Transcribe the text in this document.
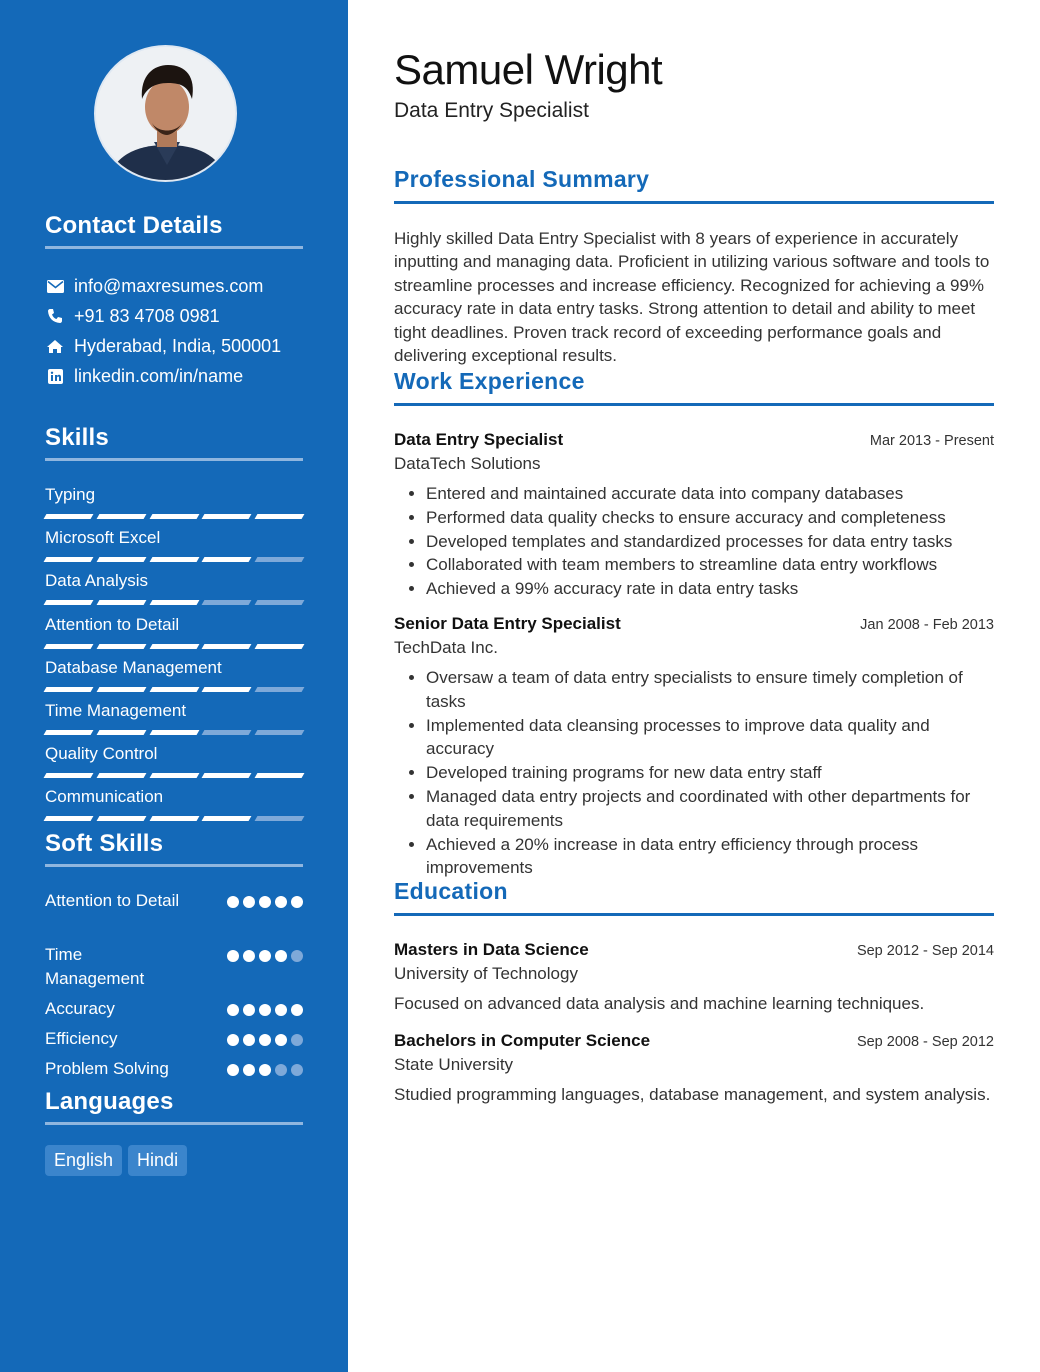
Contact Details
info@maxresumes.com
+91 83 4708 0981
Hyderabad, India, 500001
linkedin.com/in/name
Skills
Typing
Microsoft Excel
Data Analysis
Attention to Detail
Database Management
Time Management
Quality Control
Communication
Soft Skills
Attention to Detail
Time Management
Accuracy
Efficiency
Problem Solving
Languages
English	Hindi
Samuel Wright
Data Entry Specialist
Professional Summary

Highly skilled Data Entry Specialist with 8 years of experience in accurately inputting and managing data. Proficient in utilizing various software and tools to streamline processes and increase efficiency. Recognized for achieving a 99% accuracy rate in data entry tasks. Strong attention to detail and ability to meet tight deadlines. Proven track record of exceeding performance goals and delivering exceptional results.

Work Experience
Data Entry Specialist	Mar 2013 - Present
DataTech Solutions
• Entered and maintained accurate data into company databases
• Performed data quality checks to ensure accuracy and completeness
• Developed templates and standardized processes for data entry tasks
• Collaborated with team members to streamline data entry workflows
• Achieved a 99% accuracy rate in data entry tasks
Senior Data Entry Specialist	Jan 2008 - Feb 2013
TechData Inc.
• Oversaw a team of data entry specialists to ensure timely completion of tasks
• Implemented data cleansing processes to improve data quality and accuracy
• Developed training programs for new data entry staff
• Managed data entry projects and coordinated with other departments for data requirements
• Achieved a 20% increase in data entry efficiency through process improvements
Education
Masters in Data Science	Sep 2012 - Sep 2014
University of Technology
Focused on advanced data analysis and machine learning techniques.
Bachelors in Computer Science	Sep 2008 - Sep 2012
State University
Studied programming languages, database management, and system analysis.
